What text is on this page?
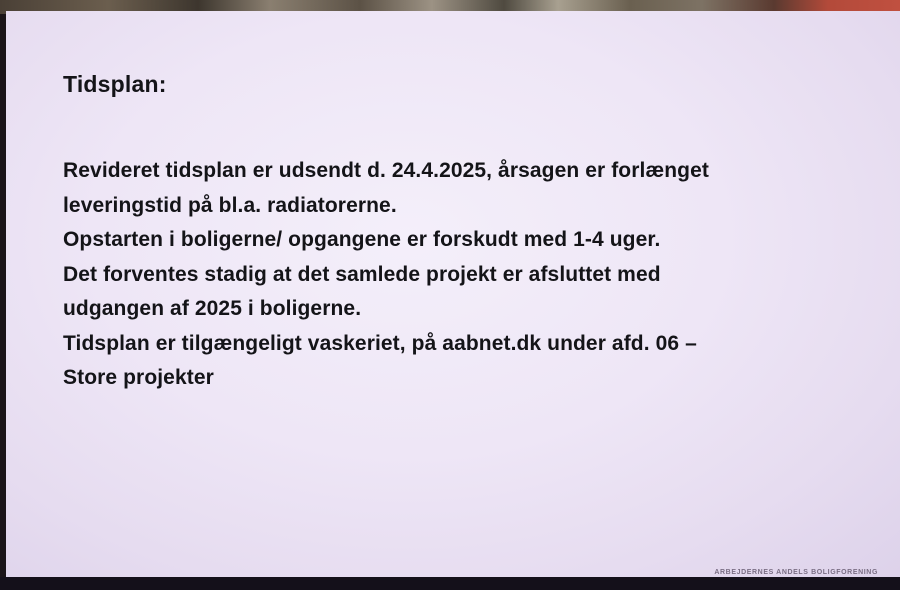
Tidsplan:
Revideret tidsplan er udsendt d. 24.4.2025, årsagen er forlænget
leveringstid på bl.a. radiatorerne.
Opstarten i boligerne/ opgangene er forskudt med 1-4 uger.
Det forventes stadig at det samlede projekt er afsluttet med
udgangen af 2025 i boligerne.
Tidsplan er tilgængeligt vaskeriet, på aabnet.dk under afd. 06 –
Store projekter
ARBEJDERNES ANDELS BOLIGFORENING
